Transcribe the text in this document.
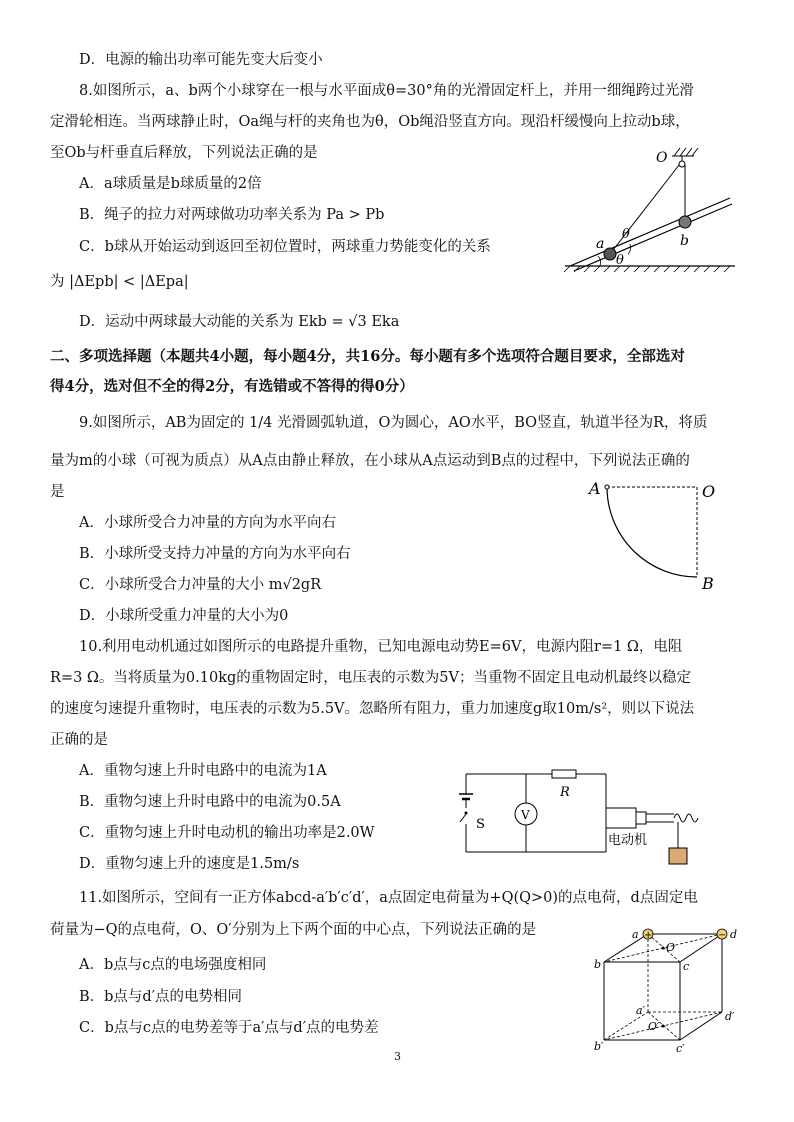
D．电源的输出功率可能先变大后变小
8.如图所示，a、b两个小球穿在一根与水平面成θ=30°角的光滑固定杆上，并用一细绳跨过光滑
定滑轮相连。当两球静止时，Oa绳与杆的夹角也为θ，Ob绳沿竖直方向。现沿杆缓慢向上拉动b球，
至Ob与杆垂直后释放，下列说法正确的是
A．a球质量是b球质量的2倍
B．绳子的拉力对两球做功功率关系为 Pa > Pb
C．b球从开始运动到返回至初位置时，两球重力势能变化的关系
为 |ΔEpb| < |ΔEpa|
D．运动中两球最大动能的关系为 Ekb = √3 Eka
二、多项选择题（本题共4小题，每小题4分，共16分。每小题有多个选项符合题目要求，全部选对
得4分，选对但不全的得2分，有选错或不答得的得0分）
9.如图所示，AB为固定的 1/4 光滑圆弧轨道，O为圆心，AO水平，BO竖直，轨道半径为R，将质
量为m的小球（可视为质点）从A点由静止释放，在小球从A点运动到B点的过程中，下列说法正确的
是
A．小球所受合力冲量的方向为水平向右
B．小球所受支持力冲量的方向为水平向右
C．小球所受合力冲量的大小 m√2gR
D．小球所受重力冲量的大小为0
10.利用电动机通过如图所示的电路提升重物，已知电源电动势E=6V，电源内阻r=1 Ω，电阻
R=3 Ω。当将质量为0.10kg的重物固定时，电压表的示数为5V；当重物不固定且电动机最终以稳定
的速度匀速提升重物时，电压表的示数为5.5V。忽略所有阻力，重力加速度g取10m/s²，则以下说法
正确的是
A．重物匀速上升时电路中的电流为1A
B．重物匀速上升时电路中的电流为0.5A
C．重物匀速上升时电动机的输出功率是2.0W
D．重物匀速上升的速度是1.5m/s
11.如图所示，空间有一正方体abcd-a′b′c′d′，a点固定电荷量为+Q(Q>0)的点电荷，d点固定电
荷量为−Q的点电荷，O、O′分别为上下两个面的中心点，下列说法正确的是
A．b点与c点的电场强度相同
B．b点与d′点的电势相同
C．b点与c点的电势差等于a′点与d′点的电势差
3
O
a	b
θ
θ
A	O
B
S
V
R
电动机
+	−
a	d
O
b	c
a′	d′
O′
b′	c′
